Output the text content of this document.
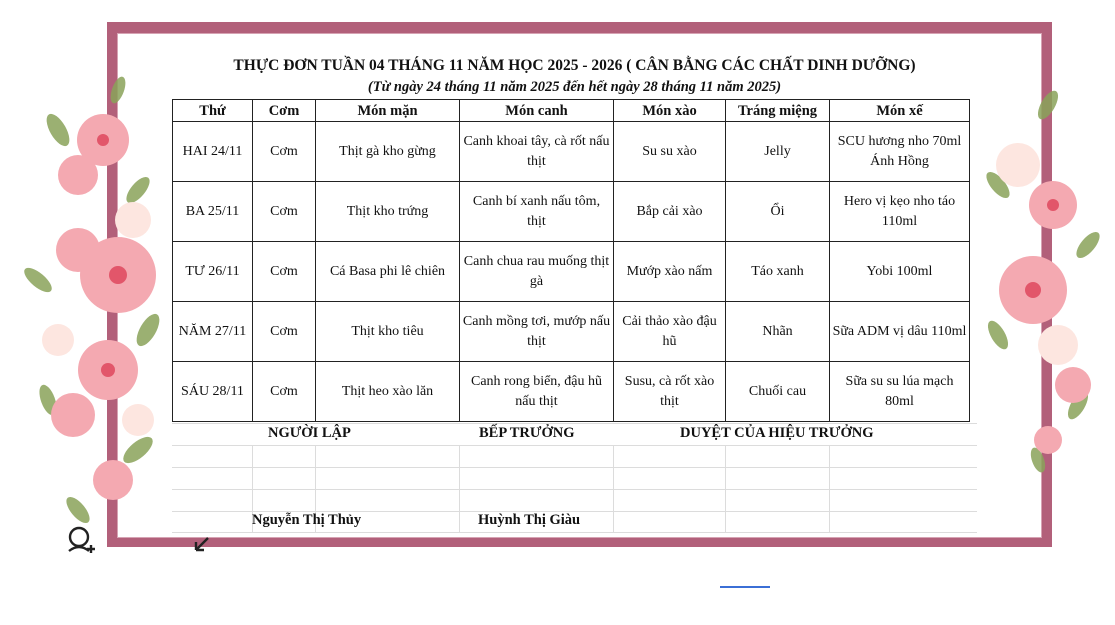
THỰC ĐƠN TUẦN 04 THÁNG 11 NĂM HỌC 2025 - 2026 ( CÂN BẰNG CÁC CHẤT DINH DƯỠNG)
(Từ ngày 24 tháng 11 năm 2025 đến hết ngày 28 tháng 11 năm 2025)
Thứ	Cơm	Món mặn	Món canh	Món xào	Tráng miệng	Món xế
HAI 24/11	Cơm	Thịt gà kho gừng	Canh khoai tây, cà rốt nấu thịt	Su su xào	Jelly	SCU hương nho 70ml Ánh Hồng
BA 25/11	Cơm	Thịt kho trứng	Canh bí xanh nấu tôm, thịt	Bắp cải xào	Ổi	Hero vị kẹo nho táo 110ml
TƯ 26/11	Cơm	Cá Basa phi lê chiên	Canh chua rau muống thịt gà	Mướp xào nấm	Táo xanh	Yobi 100ml
NĂM 27/11	Cơm	Thịt kho tiêu	Canh mồng tơi, mướp nấu thịt	Cải thảo xào đậu hũ	Nhãn	Sữa ADM vị dâu 110ml
SÁU 28/11	Cơm	Thịt heo xào lăn	Canh rong biển, đậu hũ nấu thịt	Susu, cà rốt xào thịt	Chuối cau	Sữa su su lúa mạch 80ml
NGƯỜI LẬP	BẾP TRƯỞNG	DUYỆT CỦA HIỆU TRƯỞNG
Nguyễn Thị Thủy	Huỳnh Thị Giàu
